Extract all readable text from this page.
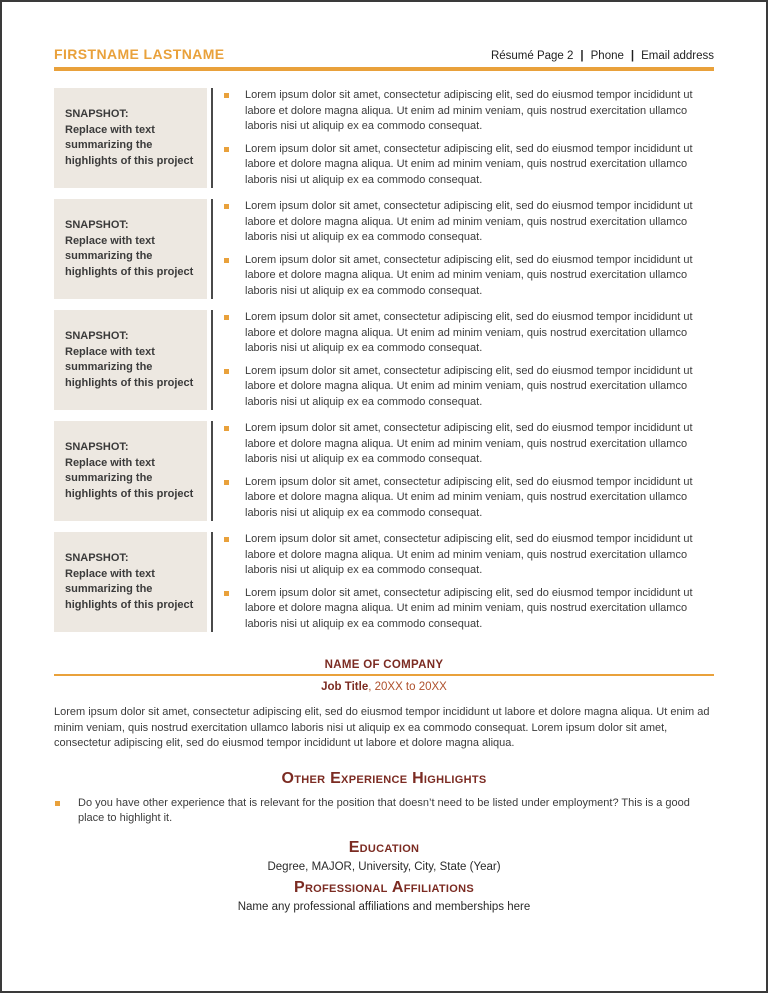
FIRSTNAME LASTNAME	Résumé Page 2 | Phone | Email address
SNAPSHOT:
Replace with text summarizing the highlights of this project
Lorem ipsum dolor sit amet, consectetur adipiscing elit, sed do eiusmod tempor incididunt ut labore et dolore magna aliqua. Ut enim ad minim veniam, quis nostrud exercitation ullamco laboris nisi ut aliquip ex ea commodo consequat.
Lorem ipsum dolor sit amet, consectetur adipiscing elit, sed do eiusmod tempor incididunt ut labore et dolore magna aliqua. Ut enim ad minim veniam, quis nostrud exercitation ullamco laboris nisi ut aliquip ex ea commodo consequat.
SNAPSHOT:
Replace with text summarizing the highlights of this project
Lorem ipsum dolor sit amet, consectetur adipiscing elit, sed do eiusmod tempor incididunt ut labore et dolore magna aliqua. Ut enim ad minim veniam, quis nostrud exercitation ullamco laboris nisi ut aliquip ex ea commodo consequat.
Lorem ipsum dolor sit amet, consectetur adipiscing elit, sed do eiusmod tempor incididunt ut labore et dolore magna aliqua. Ut enim ad minim veniam, quis nostrud exercitation ullamco laboris nisi ut aliquip ex ea commodo consequat.
SNAPSHOT:
Replace with text summarizing the highlights of this project
Lorem ipsum dolor sit amet, consectetur adipiscing elit, sed do eiusmod tempor incididunt ut labore et dolore magna aliqua. Ut enim ad minim veniam, quis nostrud exercitation ullamco laboris nisi ut aliquip ex ea commodo consequat.
Lorem ipsum dolor sit amet, consectetur adipiscing elit, sed do eiusmod tempor incididunt ut labore et dolore magna aliqua. Ut enim ad minim veniam, quis nostrud exercitation ullamco laboris nisi ut aliquip ex ea commodo consequat.
SNAPSHOT:
Replace with text summarizing the highlights of this project
Lorem ipsum dolor sit amet, consectetur adipiscing elit, sed do eiusmod tempor incididunt ut labore et dolore magna aliqua. Ut enim ad minim veniam, quis nostrud exercitation ullamco laboris nisi ut aliquip ex ea commodo consequat.
Lorem ipsum dolor sit amet, consectetur adipiscing elit, sed do eiusmod tempor incididunt ut labore et dolore magna aliqua. Ut enim ad minim veniam, quis nostrud exercitation ullamco laboris nisi ut aliquip ex ea commodo consequat.
SNAPSHOT:
Replace with text summarizing the highlights of this project
Lorem ipsum dolor sit amet, consectetur adipiscing elit, sed do eiusmod tempor incididunt ut labore et dolore magna aliqua. Ut enim ad minim veniam, quis nostrud exercitation ullamco laboris nisi ut aliquip ex ea commodo consequat.
Lorem ipsum dolor sit amet, consectetur adipiscing elit, sed do eiusmod tempor incididunt ut labore et dolore magna aliqua. Ut enim ad minim veniam, quis nostrud exercitation ullamco laboris nisi ut aliquip ex ea commodo consequat.
NAME OF COMPANY
Job Title, 20XX to 20XX

Lorem ipsum dolor sit amet, consectetur adipiscing elit, sed do eiusmod tempor incididunt ut labore et dolore magna aliqua. Ut enim ad minim veniam, quis nostrud exercitation ullamco laboris nisi ut aliquip ex ea commodo consequat. Lorem ipsum dolor sit amet, consectetur adipiscing elit, sed do eiusmod tempor incididunt ut labore et dolore magna aliqua.

Other Experience Highlights
Do you have other experience that is relevant for the position that doesn’t need to be listed under employment? This is a good place to highlight it.
Education
Degree, MAJOR, University, City, State (Year)
Professional Affiliations
Name any professional affiliations and memberships here
